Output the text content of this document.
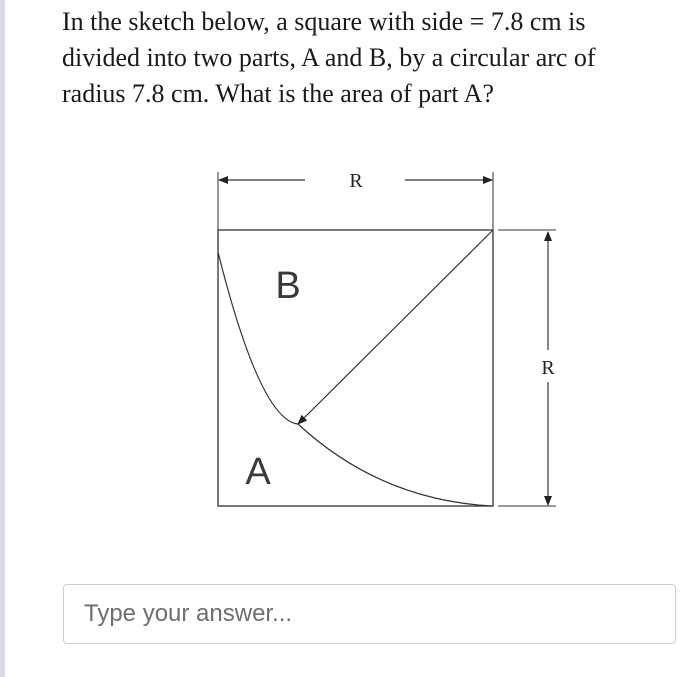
In the sketch below, a square with side = 7.8 cm is divided into two parts, A and B, by a circular arc of radius 7.8 cm. What is the area of part A?

R
R
B
A
Type your answer...
